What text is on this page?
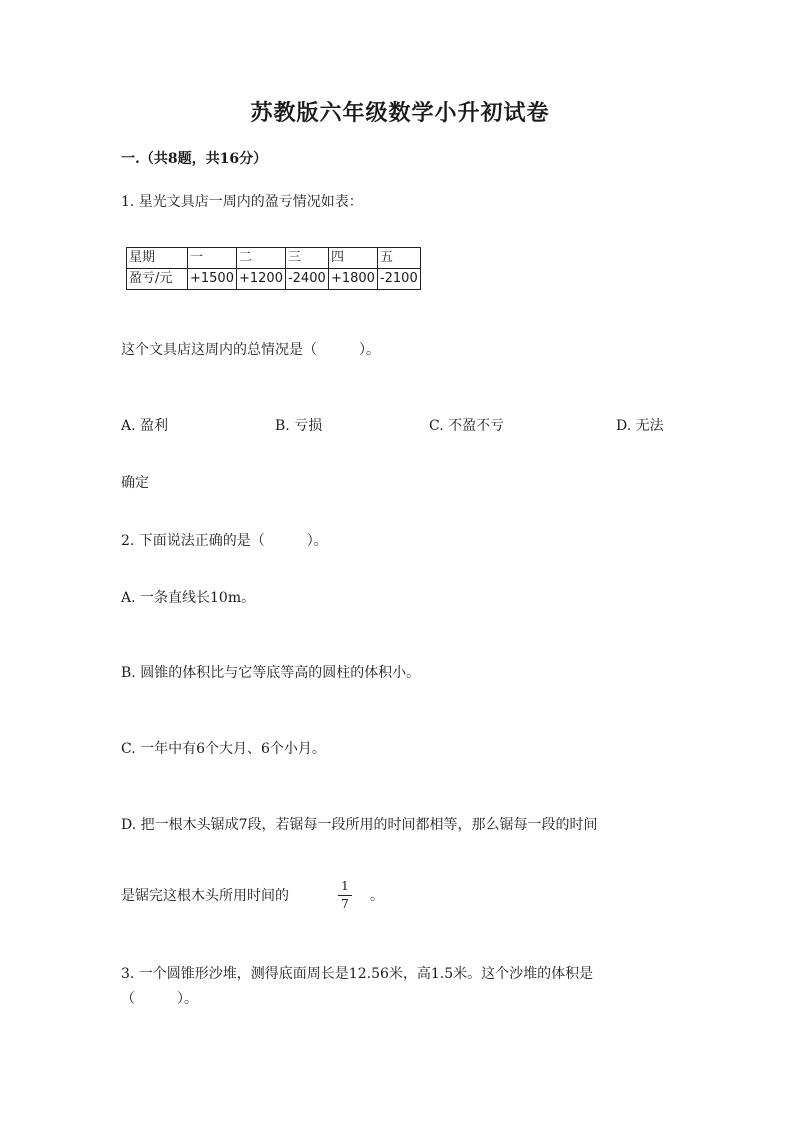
苏教版六年级数学小升初试卷
一.（共8题，共16分）
1. 星光文具店一周内的盈亏情况如表：
星期	一	二	三	四	五
盈亏/元	+1500	+1200	-2400	+1800	-2100
这个文具店这周内的总情况是（　　　）。
A. 盈利	B. 亏损	C. 不盈不亏	D. 无法
确定
2. 下面说法正确的是（　　　）。
A. 一条直线长10m。
B. 圆锥的体积比与它等底等高的圆柱的体积小。
C. 一年中有6个大月、6个小月。
D. 把一根木头锯成7段，若锯每一段所用的时间都相等，那么锯每一段的时间
是锯完这根木头所用时间的
1
7 。
3. 一个圆锥形沙堆，测得底面周长是12.56米，高1.5米。这个沙堆的体积是
（　　　）。
